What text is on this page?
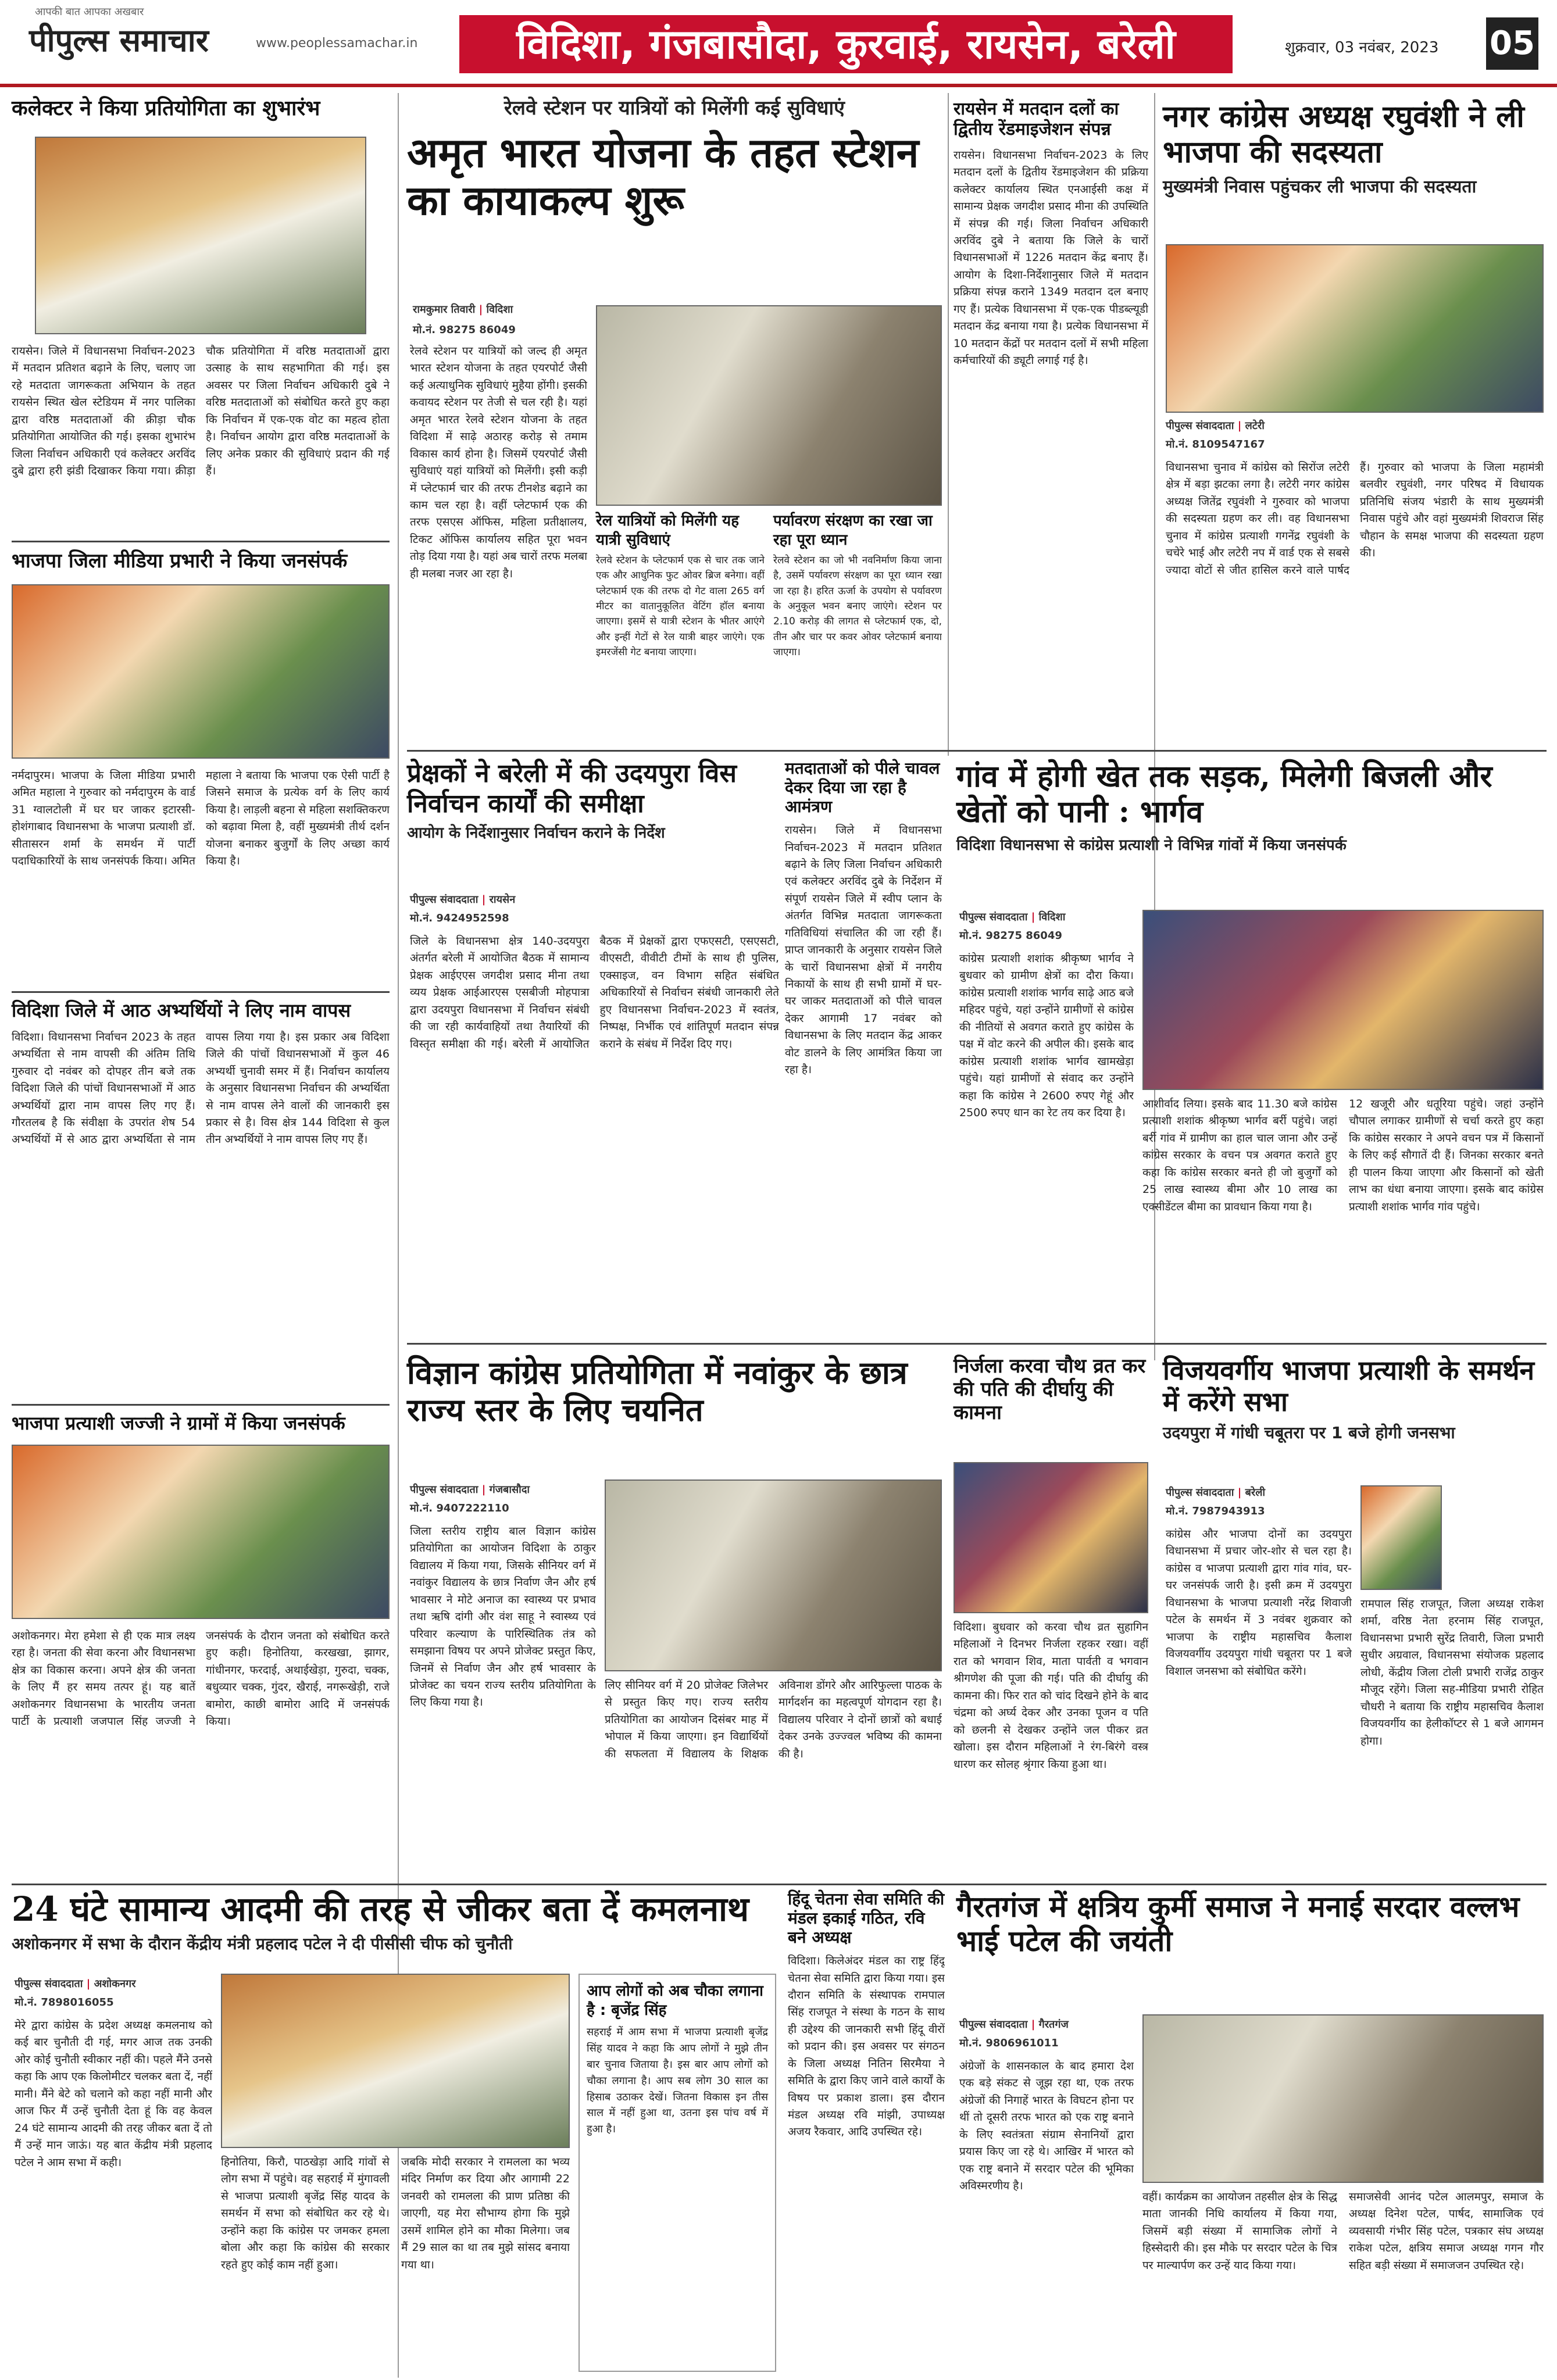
आपकी बात आपका अखबार
पीपुल्स समाचार	www.peoplessamachar.in	विदिशा, गंजबासौदा, कुरवाई, रायसेन, बरेली	शुक्रवार, 03 नवंबर, 2023 05
कलेक्टर ने किया प्रतियोगिता का शुभारंभ
रायसेन। जिले में विधानसभा निर्वाचन-2023 में मतदान प्रतिशत बढ़ाने के लिए, चलाए जा रहे मतदाता जागरूकता अभियान के तहत रायसेन स्थित खेल स्टेडियम में नगर पालिका द्वारा वरिष्ठ मतदाताओं की क्रीड़ा चौक प्रतियोगिता आयोजित की गई। इसका शुभारंभ जिला निर्वाचन अधिकारी एवं कलेक्टर अरविंद दुबे द्वारा हरी झंडी दिखाकर किया गया। क्रीड़ा चौक प्रतियोगिता में वरिष्ठ मतदाताओं द्वारा उत्साह के साथ सहभागिता की गई। इस अवसर पर जिला निर्वाचन अधिकारी दुबे ने वरिष्ठ मतदाताओं को संबोधित करते हुए कहा कि निर्वाचन में एक-एक वोट का महत्व होता है। निर्वाचन आयोग द्वारा वरिष्ठ मतदाताओं के लिए अनेक प्रकार की सुविधाएं प्रदान की गई हैं।
रेलवे स्टेशन पर यात्रियों को मिलेंगी कई सुविधाएं
अमृत भारत योजना के तहत स्टेशन का कायाकल्प शुरू
रामकुमार तिवारी | विदिशा
मो.नं. 98275 86049
रेलवे स्टेशन पर यात्रियों को जल्द ही अमृत भारत स्टेशन योजना के तहत एयरपोर्ट जैसी कई अत्याधुनिक सुविधाएं मुहैया होंगी। इसकी कवायद स्टेशन पर तेजी से चल रही है। यहां अमृत भारत रेलवे स्टेशन योजना के तहत विदिशा में साढ़े अठारह करोड़ से तमाम विकास कार्य होना है। जिसमें एयरपोर्ट जैसी सुविधाएं यहां यात्रियों को मिलेंगी। इसी कड़ी में प्लेटफार्म चार की तरफ टीनशेड बढ़ाने का काम चल रहा है। वहीं प्लेटफार्म एक की तरफ एसएस ऑफिस, महिला प्रतीक्षालय, टिकट ऑफिस कार्यालय सहित पूरा भवन तोड़ दिया गया है। यहां अब चारों तरफ मलबा ही मलबा नजर आ रहा है।
रेल यात्रियों को मिलेंगी यह यात्री सुविधाएं
रेलवे स्टेशन के प्लेटफार्म एक से चार तक जाने एक और आधुनिक फुट ओवर ब्रिज बनेगा। वहीं प्लेटफार्म एक की तरफ दो गेट वाला 265 वर्ग मीटर का वातानुकूलित वेटिंग हॉल बनाया जाएगा। इसमें से यात्री स्टेशन के भीतर आएंगे और इन्हीं गेटों से रेल यात्री बाहर जाएंगे। एक इमरजेंसी गेट बनाया जाएगा।
पर्यावरण संरक्षण का रखा जा रहा पूरा ध्यान
रेलवे स्टेशन का जो भी नवनिर्माण किया जाना है, उसमें पर्यावरण संरक्षण का पूरा ध्यान रखा जा रहा है। हरित ऊर्जा के उपयोग से पर्यावरण के अनुकूल भवन बनाए जाएंगे। स्टेशन पर 2.10 करोड़ की लागत से प्लेटफार्म एक, दो, तीन और चार पर कवर ओवर प्लेटफार्म बनाया जाएगा।
रायसेन में मतदान दलों का द्वितीय रेंडमाइजेशन संपन्न
रायसेन। विधानसभा निर्वाचन-2023 के लिए मतदान दलों के द्वितीय रेंडमाइजेशन की प्रक्रिया कलेक्टर कार्यालय स्थित एनआईसी कक्ष में सामान्य प्रेक्षक जगदीश प्रसाद मीना की उपस्थिति में संपन्न की गई। जिला निर्वाचन अधिकारी अरविंद दुबे ने बताया कि जिले के चारों विधानसभाओं में 1226 मतदान केंद्र बनाए हैं। आयोग के दिशा-निर्देशानुसार जिले में मतदान प्रक्रिया संपन्न कराने 1349 मतदान दल बनाए गए हैं। प्रत्येक विधानसभा में एक-एक पीडब्ल्यूडी मतदान केंद्र बनाया गया है। प्रत्येक विधानसभा में 10 मतदान केंद्रों पर मतदान दलों में सभी महिला कर्मचारियों की ड्यूटी लगाई गई है।
नगर कांग्रेस अध्यक्ष रघुवंशी ने ली भाजपा की सदस्यता
मुख्यमंत्री निवास पहुंचकर ली भाजपा की सदस्यता
पीपुल्स संवाददाता | लटेरी
मो.नं. 8109547167
विधानसभा चुनाव में कांग्रेस को सिरोंज लटेरी क्षेत्र में बड़ा झटका लगा है। लटेरी नगर कांग्रेस अध्यक्ष जितेंद्र रघुवंशी ने गुरुवार को भाजपा की सदस्यता ग्रहण कर ली। वह विधानसभा चुनाव में कांग्रेस प्रत्याशी गगनेंद्र रघुवंशी के चचेरे भाई और लटेरी नप में वार्ड एक से सबसे ज्यादा वोटों से जीत हासिल करने वाले पार्षद हैं। गुरुवार को भाजपा के जिला महामंत्री बलवीर रघुवंशी, नगर परिषद में विधायक प्रतिनिधि संजय भंडारी के साथ मुख्यमंत्री निवास पहुंचे और वहां मुख्यमंत्री शिवराज सिंह चौहान के समक्ष भाजपा की सदस्यता ग्रहण की।
भाजपा जिला मीडिया प्रभारी ने किया जनसंपर्क
नर्मदापुरम। भाजपा के जिला मीडिया प्रभारी अमित महाला ने गुरुवार को नर्मदापुरम के वार्ड 31 ग्वालटोली में घर घर जाकर इटारसी-होशंगाबाद विधानसभा के भाजपा प्रत्याशी डॉ. सीतासरन शर्मा के समर्थन में पार्टी पदाधिकारियों के साथ जनसंपर्क किया। अमित महाला ने बताया कि भाजपा एक ऐसी पार्टी है जिसने समाज के प्रत्येक वर्ग के लिए कार्य किया है। लाड़ली बहना से महिला सशक्तिकरण को बढ़ावा मिला है, वहीं मुख्यमंत्री तीर्थ दर्शन योजना बनाकर बुजुर्गों के लिए अच्छा कार्य किया है।
प्रेक्षकों ने बरेली में की उदयपुरा विस निर्वाचन कार्यों की समीक्षा
आयोग के निर्देशानुसार निर्वाचन कराने के निर्देश
पीपुल्स संवाददाता | रायसेन
मो.नं. 9424952598
जिले के विधानसभा क्षेत्र 140-उदयपुरा अंतर्गत बरेली में आयोजित बैठक में सामान्य प्रेक्षक आईएएस जगदीश प्रसाद मीना तथा व्यय प्रेक्षक आईआरएस एसबीजी मोहपात्रा द्वारा उदयपुरा विधानसभा में निर्वाचन संबंधी की जा रही कार्यवाहियों तथा तैयारियों की विस्तृत समीक्षा की गई। बरेली में आयोजित बैठक में प्रेक्षकों द्वारा एफएसटी, एसएसटी, वीएसटी, वीवीटी टीमों के साथ ही पुलिस, एक्साइज, वन विभाग सहित संबंधित अधिकारियों से निर्वाचन संबंधी जानकारी लेते हुए विधानसभा निर्वाचन-2023 में स्वतंत्र, निष्पक्ष, निर्भीक एवं शांतिपूर्ण मतदान संपन्न कराने के संबंध में निर्देश दिए गए।
मतदाताओं को पीले चावल देकर दिया जा रहा है आमंत्रण
रायसेन। जिले में विधानसभा निर्वाचन-2023 में मतदान प्रतिशत बढ़ाने के लिए जिला निर्वाचन अधिकारी एवं कलेक्टर अरविंद दुबे के निर्देशन में संपूर्ण रायसेन जिले में स्वीप प्लान के अंतर्गत विभिन्न मतदाता जागरूकता गतिविधियां संचालित की जा रही हैं। प्राप्त जानकारी के अनुसार रायसेन जिले के चारों विधानसभा क्षेत्रों में नगरीय निकायों के साथ ही सभी ग्रामों में घर-घर जाकर मतदाताओं को पीले चावल देकर आगामी 17 नवंबर को विधानसभा के लिए मतदान केंद्र आकर वोट डालने के लिए आमंत्रित किया जा रहा है।
गांव में होगी खेत तक सड़क, मिलेगी बिजली और खेतों को पानी : भार्गव
विदिशा विधानसभा से कांग्रेस प्रत्याशी ने विभिन्न गांवों में किया जनसंपर्क
पीपुल्स संवाददाता | विदिशा
मो.नं. 98275 86049
कांग्रेस प्रत्याशी शशांक श्रीकृष्ण भार्गव ने बुधवार को ग्रामीण क्षेत्रों का दौरा किया। कांग्रेस प्रत्याशी शशांक भार्गव साढ़े आठ बजे महिदर पहुंचे, यहां उन्होंने ग्रामीणों से कांग्रेस की नीतियों से अवगत कराते हुए कांग्रेस के पक्ष में वोट करने की अपील की। इसके बाद कांग्रेस प्रत्याशी शशांक भार्गव खामखेड़ा पहुंचे। यहां ग्रामीणों से संवाद कर उन्होंने कहा कि कांग्रेस ने 2600 रुपए गेहूं और 2500 रुपए धान का रेट तय कर दिया है।
आशीर्वाद लिया। इसके बाद 11.30 बजे कांग्रेस प्रत्याशी शशांक श्रीकृष्ण भार्गव बर्री पहुंचे। जहां बर्री गांव में ग्रामीण का हाल चाल जाना और उन्हें कांग्रेस सरकार के वचन पत्र अवगत कराते हुए कहा कि कांग्रेस सरकार बनते ही जो बुजुर्गों को 25 लाख स्वास्थ्य बीमा और 10 लाख का एक्सीडेंटल बीमा का प्रावधान किया गया है।
12 खजूरी और धतूरिया पहुंचे। जहां उन्होंने चौपाल लगाकर ग्रामीणों से चर्चा करते हुए कहा कि कांग्रेस सरकार ने अपने वचन पत्र में किसानों के लिए कई सौगातें दी हैं। जिनका सरकार बनते ही पालन किया जाएगा और किसानों को खेती लाभ का धंधा बनाया जाएगा। इसके बाद कांग्रेस प्रत्याशी शशांक भार्गव गांव पहुंचे।
विदिशा जिले में आठ अभ्यर्थियों ने लिए नाम वापस
विदिशा। विधानसभा निर्वाचन 2023 के तहत अभ्यर्थिता से नाम वापसी की अंतिम तिथि गुरुवार दो नवंबर को दोपहर तीन बजे तक विदिशा जिले की पांचों विधानसभाओं में आठ अभ्यर्थियों द्वारा नाम वापस लिए गए हैं। गौरतलब है कि संवीक्षा के उपरांत शेष 54 अभ्यर्थियों में से आठ द्वारा अभ्यर्थिता से नाम वापस लिया गया है। इस प्रकार अब विदिशा जिले की पांचों विधानसभाओं में कुल 46 अभ्यर्थी चुनावी समर में हैं। निर्वाचन कार्यालय के अनुसार विधानसभा निर्वाचन की अभ्यर्थिता से नाम वापस लेने वालों की जानकारी इस प्रकार से है। विस क्षेत्र 144 विदिशा से कुल तीन अभ्यर्थियों ने नाम वापस लिए गए हैं।
विज्ञान कांग्रेस प्रतियोगिता में नवांकुर के छात्र राज्य स्तर के लिए चयनित
पीपुल्स संवाददाता | गंजबासौदा
मो.नं. 9407222110
जिला स्तरीय राष्ट्रीय बाल विज्ञान कांग्रेस प्रतियोगिता का आयोजन विदिशा के ठाकुर विद्यालय में किया गया, जिसके सीनियर वर्ग में नवांकुर विद्यालय के छात्र निर्वाण जैन और हर्ष भावसार ने मोटे अनाज का स्वास्थ्य पर प्रभाव तथा ऋषि दांगी और वंश साहू ने स्वास्थ्य एवं परिवार कल्याण के पारिस्थितिक तंत्र को समझाना विषय पर अपने प्रोजेक्ट प्रस्तुत किए, जिनमें से निर्वाण जैन और हर्ष भावसार के प्रोजेक्ट का चयन राज्य स्तरीय प्रतियोगिता के लिए किया गया है।
लिए सीनियर वर्ग में 20 प्रोजेक्ट जिलेभर से प्रस्तुत किए गए। राज्य स्तरीय प्रतियोगिता का आयोजन दिसंबर माह में भोपाल में किया जाएगा। इन विद्यार्थियों की सफलता में विद्यालय के शिक्षक अविनाश डोंगरे और आरिफुल्ला पाठक के मार्गदर्शन का महत्वपूर्ण योगदान रहा है। विद्यालय परिवार ने दोनों छात्रों को बधाई देकर उनके उज्ज्वल भविष्य की कामना की है।
निर्जला करवा चौथ व्रत कर की पति की दीर्घायु की कामना
विदिशा। बुधवार को करवा चौथ व्रत सुहागिन महिलाओं ने दिनभर निर्जला रहकर रखा। वहीं रात को भगवान शिव, माता पार्वती व भगवान श्रीगणेश की पूजा की गई। पति की दीर्घायु की कामना की। फिर रात को चांद दिखने होने के बाद चंद्रमा को अर्घ्य देकर और उनका पूजन व पति को छलनी से देखकर उन्होंने जल पीकर व्रत खोला। इस दौरान महिलाओं ने रंग-बिरंगे वस्त्र धारण कर सोलह श्रृंगार किया हुआ था।
विजयवर्गीय भाजपा प्रत्याशी के समर्थन में करेंगे सभा
उदयपुरा में गांधी चबूतरा पर 1 बजे होगी जनसभा
पीपुल्स संवाददाता | बरेली
मो.नं. 7987943913
कांग्रेस और भाजपा दोनों का उदयपुरा विधानसभा में प्रचार जोर-शोर से चल रहा है। कांग्रेस व भाजपा प्रत्याशी द्वारा गांव गांव, घर-घर जनसंपर्क जारी है। इसी क्रम में उदयपुरा विधानसभा के भाजपा प्रत्याशी नरेंद्र शिवाजी पटेल के समर्थन में 3 नवंबर शुक्रवार को भाजपा के राष्ट्रीय महासचिव कैलाश विजयवर्गीय उदयपुरा गांधी चबूतरा पर 1 बजे विशाल जनसभा को संबोधित करेंगे।
रामपाल सिंह राजपूत, जिला अध्यक्ष राकेश शर्मा, वरिष्ठ नेता हरनाम सिंह राजपूत, विधानसभा प्रभारी सुरेंद्र तिवारी, जिला प्रभारी सुधीर अग्रवाल, विधानसभा संयोजक प्रहलाद लोधी, केंद्रीय जिला टोली प्रभारी राजेंद्र ठाकुर मौजूद रहेंगे। जिला सह-मीडिया प्रभारी रोहित चौधरी ने बताया कि राष्ट्रीय महासचिव कैलाश विजयवर्गीय का हेलीकॉप्टर से 1 बजे आगमन होगा।
भाजपा प्रत्याशी जज्जी ने ग्रामों में किया जनसंपर्क
अशोकनगर। मेरा हमेशा से ही एक मात्र लक्ष्य रहा है। जनता की सेवा करना और विधानसभा क्षेत्र का विकास करना। अपने क्षेत्र की जनता के लिए मैं हर समय तत्पर हूं। यह बातें अशोकनगर विधानसभा के भारतीय जनता पार्टी के प्रत्याशी जजपाल सिंह जज्जी ने जनसंपर्क के दौरान जनता को संबोधित करते हुए कही। हिनोतिया, करखखा, झागर, गांधीनगर, फरदाई, अथाईखेड़ा, गुरुदा, चक्क, बधुव्यार चक्क, गुंदर, खैराई, नगरूखेड़ी, राजे बामोरा, काछी बामोरा आदि में जनसंपर्क किया।
24 घंटे सामान्य आदमी की तरह से जीकर बता दें कमलनाथ
अशोकनगर में सभा के दौरान केंद्रीय मंत्री प्रहलाद पटेल ने दी पीसीसी चीफ को चुनौती
पीपुल्स संवाददाता | अशोकनगर
मो.नं. 7898016055
मेरे द्वारा कांग्रेस के प्रदेश अध्यक्ष कमलनाथ को कई बार चुनौती दी गई, मगर आज तक उनकी ओर कोई चुनौती स्वीकार नहीं की। पहले मैंने उनसे कहा कि आप एक किलोमीटर चलकर बता दें, नहीं मानी। मैंने बेटे को चलाने को कहा नहीं मानी और आज फिर मैं उन्हें चुनौती देता हूं कि वह केवल 24 घंटे सामान्य आदमी की तरह जीकर बता दें तो मैं उन्हें मान जाऊं। यह बात केंद्रीय मंत्री प्रहलाद पटेल ने आम सभा में कही।	हिनोतिया, किरौ, पाठखेड़ा आदि गांवों से लोग सभा में पहुंचे। वह सहराई में मुंगावली से भाजपा प्रत्याशी बृजेंद्र सिंह यादव के समर्थन में सभा को संबोधित कर रहे थे। उन्होंने कहा कि कांग्रेस पर जमकर हमला बोला और कहा कि कांग्रेस की सरकार रहते हुए कोई काम नहीं हुआ।
जबकि मोदी सरकार ने रामलला का भव्य मंदिर निर्माण कर दिया और आगामी 22 जनवरी को रामलला की प्राण प्रतिष्ठा की जाएगी, यह मेरा सौभाग्य होगा कि मुझे उसमें शामिल होने का मौका मिलेगा। जब मैं 29 साल का था तब मुझे सांसद बनाया गया था।
आप लोगों को अब चौका लगाना है : बृजेंद्र सिंह
सहराई में आम सभा में भाजपा प्रत्याशी बृजेंद्र सिंह यादव ने कहा कि आप लोगों ने मुझे तीन बार चुनाव जिताया है। इस बार आप लोगों को चौका लगाना है। आप सब लोग 30 साल का हिसाब उठाकर देखें। जितना विकास इन तीस साल में नहीं हुआ था, उतना इस पांच वर्ष में हुआ है।
हिंदू चेतना सेवा समिति की मंडल इकाई गठित, रवि बने अध्यक्ष
विदिशा। किलेअंदर मंडल का राष्ट्र हिंदू चेतना सेवा समिति द्वारा किया गया। इस दौरान समिति के संस्थापक रामपाल सिंह राजपूत ने संस्था के गठन के साथ ही उद्देश्य की जानकारी सभी हिंदू वीरों को प्रदान की। इस अवसर पर संगठन के जिला अध्यक्ष नितिन सिरमैया ने समिति के द्वारा किए जाने वाले कार्यों के विषय पर प्रकाश डाला। इस दौरान मंडल अध्यक्ष रवि मांझी, उपाध्यक्ष अजय रैकवार, आदि उपस्थित रहे।
गैरतगंज में क्षत्रिय कुर्मी समाज ने मनाई सरदार वल्लभ भाई पटेल की जयंती
पीपुल्स संवाददाता | गैरतगंज
मो.नं. 9806961011
अंग्रेजों के शासनकाल के बाद हमारा देश एक बड़े संकट से जूझ रहा था, एक तरफ अंग्रेजों की निगाहें भारत के विघटन होना पर थीं तो दूसरी तरफ भारत को एक राष्ट्र बनाने के लिए स्वतंत्रता संग्राम सेनानियों द्वारा प्रयास किए जा रहे थे। आखिर में भारत को एक राष्ट्र बनाने में सरदार पटेल की भूमिका अविस्मरणीय है।
वहीं। कार्यक्रम का आयोजन तहसील क्षेत्र के सिद्ध माता जानकी निधि कार्यालय में किया गया, जिसमें बड़ी संख्या में सामाजिक लोगों ने हिस्सेदारी की। इस मौके पर सरदार पटेल के चित्र पर माल्यार्पण कर उन्हें याद किया गया।
समाजसेवी आनंद पटेल आलमपुर, समाज के अध्यक्ष दिनेश पटेल, पार्षद, सामाजिक एवं व्यवसायी गंभीर सिंह पटेल, पत्रकार संघ अध्यक्ष राकेश पटेल, क्षत्रिय समाज अध्यक्ष गगन गौर सहित बड़ी संख्या में समाजजन उपस्थित रहे।
